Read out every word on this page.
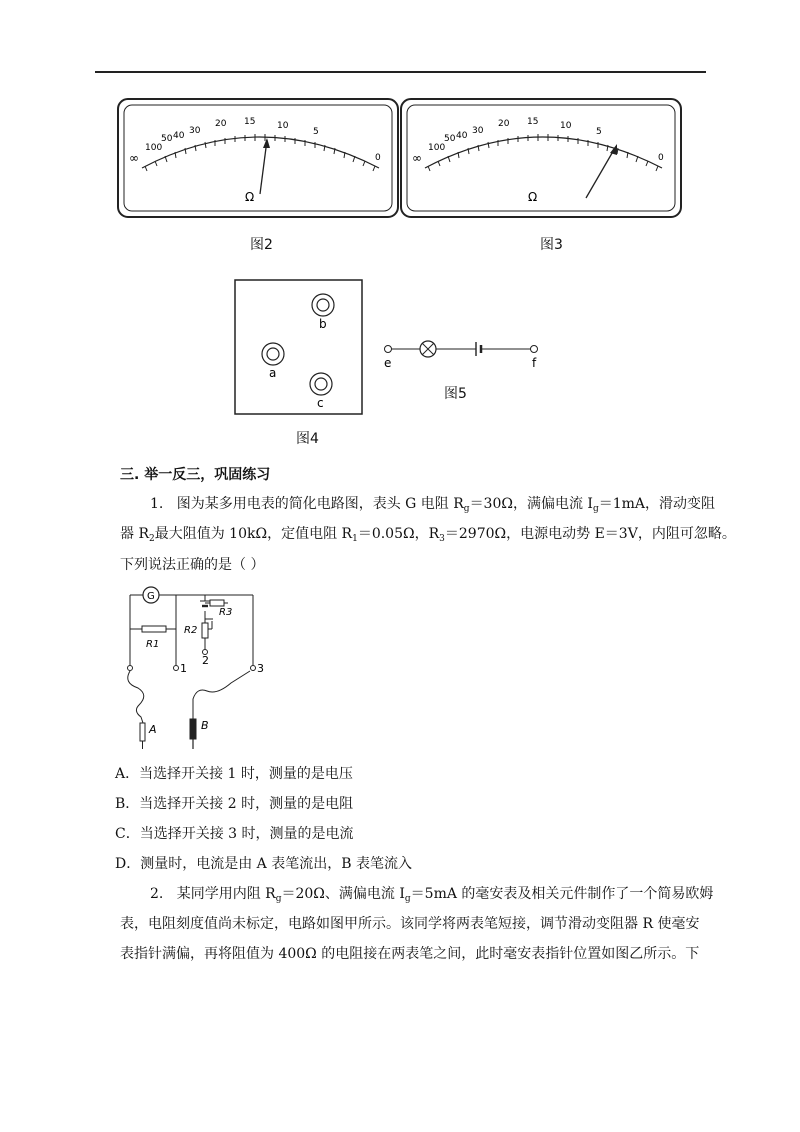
∞
100
50 40 30
20 15 10
5
0
Ω
∞
100
50 40 30
20 15 10
5
0
Ω
图2	图3
b
a
c
图4
e	f
图5
三. 举一反三，巩固练习
1. 图为某多用电表的简化电路图，表头 G 电阻 $R_g=30\Omega$，满偏电流 $I_g=1mA$，滑动变阻
器 $R_2$最大阻值为 10kΩ，定值电阻 $R_1=0.05\Omega$，$R_3=2970\Omega$，电源电动势 E＝3V，内阻可忽略。
下列说法正确的是（ ）
G
R1
R3
R2
1
2
3
A	B
A．当选择开关接 1 时，测量的是电压
B．当选择开关接 2 时，测量的是电阻
C．当选择开关接 3 时，测量的是电流
D．测量时，电流是由 A 表笔流出，B 表笔流入
2. 某同学用内阻 $R_g=20\Omega$、满偏电流 $I_g=5mA$ 的毫安表及相关元件制作了一个简易欧姆
表，电阻刻度值尚未标定，电路如图甲所示。该同学将两表笔短接，调节滑动变阻器 R 使毫安
表指针满偏，再将阻值为 400Ω 的电阻接在两表笔之间，此时毫安表指针位置如图乙所示。下
